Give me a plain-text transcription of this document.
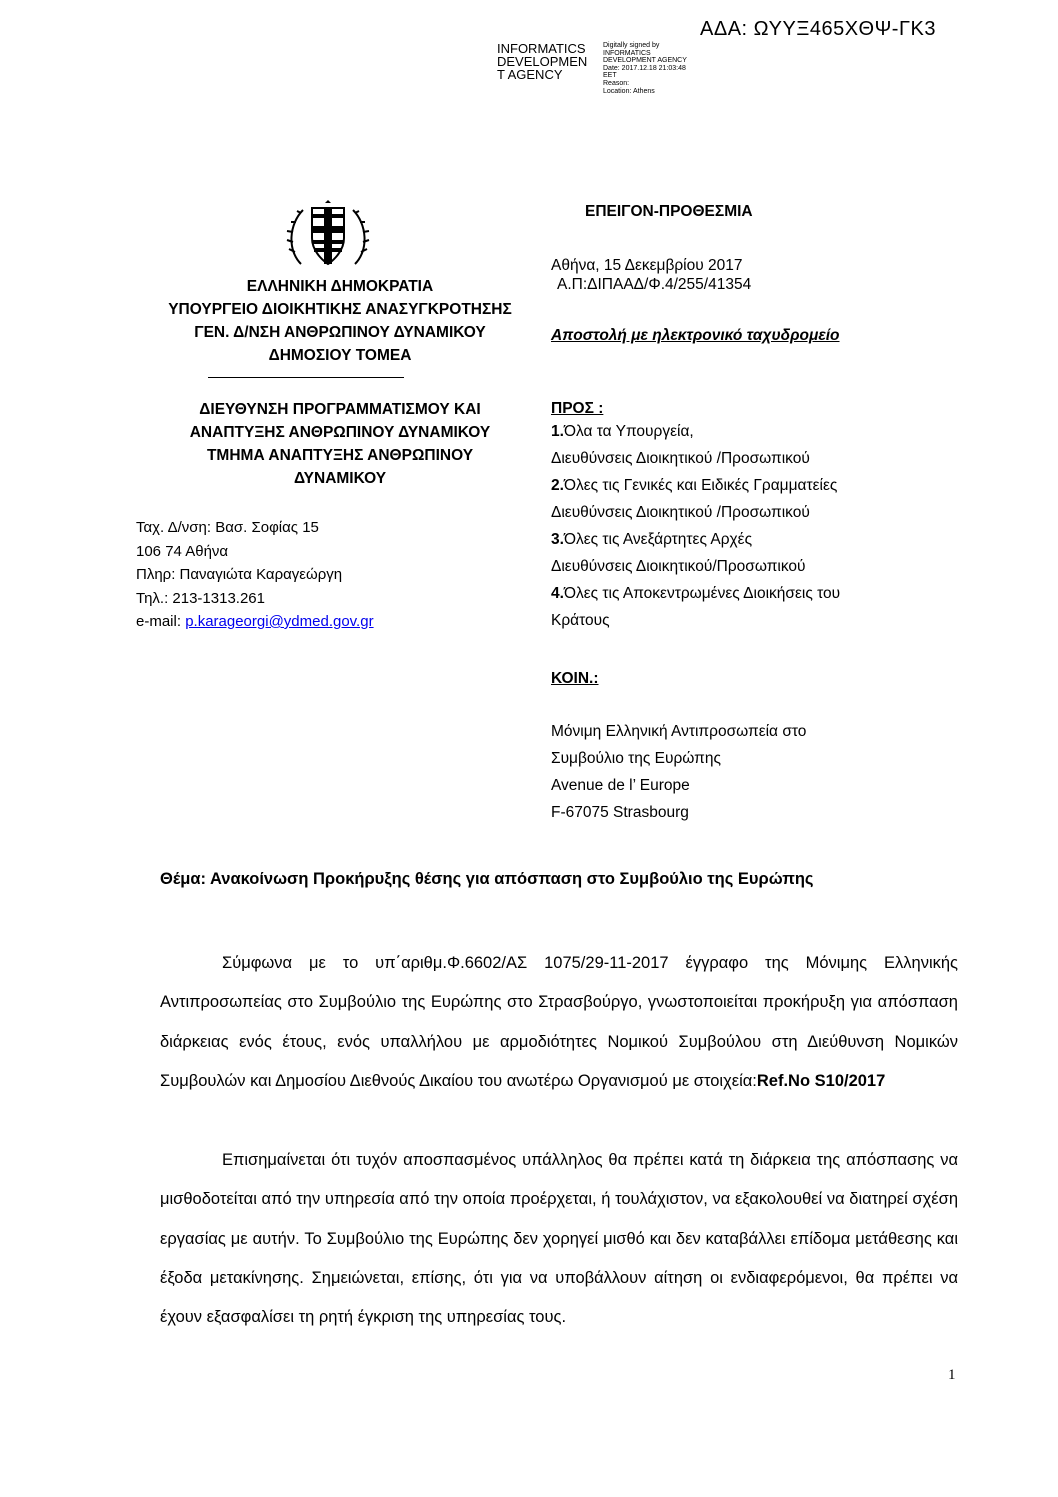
ΑΔΑ: ΩΥΥΞ465ΧΘΨ-ΓΚ3
INFORMATICS
DEVELOPMEN
T AGENCY
Digitally signed by
INFORMATICS
DEVELOPMENT AGENCY
Date: 2017.12.18 21:03:48
EET
Reason:
Location: Athens
ΕΛΛΗΝΙΚΗ ΔΗΜΟΚΡΑΤΙΑ
ΥΠΟΥΡΓΕΙΟ ΔΙΟΙΚΗΤΙΚΗΣ ΑΝΑΣΥΓΚΡΟΤΗΣΗΣ
ΓΕΝ. Δ/ΝΣΗ ΑΝΘΡΩΠΙΝΟΥ ΔΥΝΑΜΙΚΟΥ
ΔΗΜΟΣΙΟΥ ΤΟΜΕΑ
ΔΙΕΥΘΥΝΣΗ ΠΡΟΓΡΑΜΜΑΤΙΣΜΟΥ ΚΑΙ
ΑΝΑΠΤΥΞΗΣ ΑΝΘΡΩΠΙΝΟΥ ΔΥΝΑΜΙΚΟΥ
ΤΜΗΜΑ ΑΝΑΠΤΥΞΗΣ ΑΝΘΡΩΠΙΝΟΥ
ΔΥΝΑΜΙΚΟΥ
Ταχ. Δ/νση: Βασ. Σοφίας 15
106 74 Αθήνα
Πληρ: Παναγιώτα Καραγεώργη
Τηλ.: 213-1313.261
e-mail: p.karageorgi@ydmed.gov.gr
ΕΠΕΙΓΟΝ-ΠΡΟΘΕΣΜΙΑ
Αθήνα, 15 Δεκεμβρίου 2017
Α.Π:ΔΙΠΑΑΔ/Φ.4/255/41354
Αποστολή με ηλεκτρονικό ταχυδρομείο
ΠΡΟΣ :
1.Όλα τα Υπουργεία,
Διευθύνσεις Διοικητικού /Προσωπικού
2.Όλες τις Γενικές και Ειδικές Γραμματείες
Διευθύνσεις Διοικητικού /Προσωπικού
3.Όλες τις Ανεξάρτητες Αρχές
Διευθύνσεις Διοικητικού/Προσωπικού
4.Όλες τις Αποκεντρωμένες Διοικήσεις του
Κράτους
ΚΟΙΝ.:
Μόνιμη Ελληνική Αντιπροσωπεία στο
Συμβούλιο της Ευρώπης
Avenue de l’ Europe
F-67075 Strasbourg
Θέμα: Ανακοίνωση Προκήρυξης θέσης για απόσπαση στο Συμβούλιο της Ευρώπης
Σύμφωνα με το υπ΄αριθμ.Φ.6602/ΑΣ 1075/29-11-2017 έγγραφο της Μόνιμης Ελληνικής Αντιπροσωπείας στο Συμβούλιο της Ευρώπης στο Στρασβούργο, γνωστοποιείται προκήρυξη για απόσπαση διάρκειας ενός έτους, ενός υπαλλήλου με αρμοδιότητες Νομικού Συμβούλου στη Διεύθυνση Νομικών Συμβουλών και Δημοσίου Διεθνούς Δικαίου του ανωτέρω Οργανισμού με στοιχεία:Ref.No S10/2017
Επισημαίνεται ότι τυχόν αποσπασμένος υπάλληλος θα πρέπει κατά τη διάρκεια της απόσπασης να μισθοδοτείται από την υπηρεσία από την οποία προέρχεται, ή τουλάχιστον, να εξακολουθεί να διατηρεί σχέση εργασίας με αυτήν. Το Συμβούλιο της Ευρώπης δεν χορηγεί μισθό και δεν καταβάλλει επίδομα μετάθεσης και έξοδα μετακίνησης. Σημειώνεται, επίσης, ότι για να υποβάλλουν αίτηση οι ενδιαφερόμενοι, θα πρέπει να έχουν εξασφαλίσει τη ρητή έγκριση της υπηρεσίας τους.
1
